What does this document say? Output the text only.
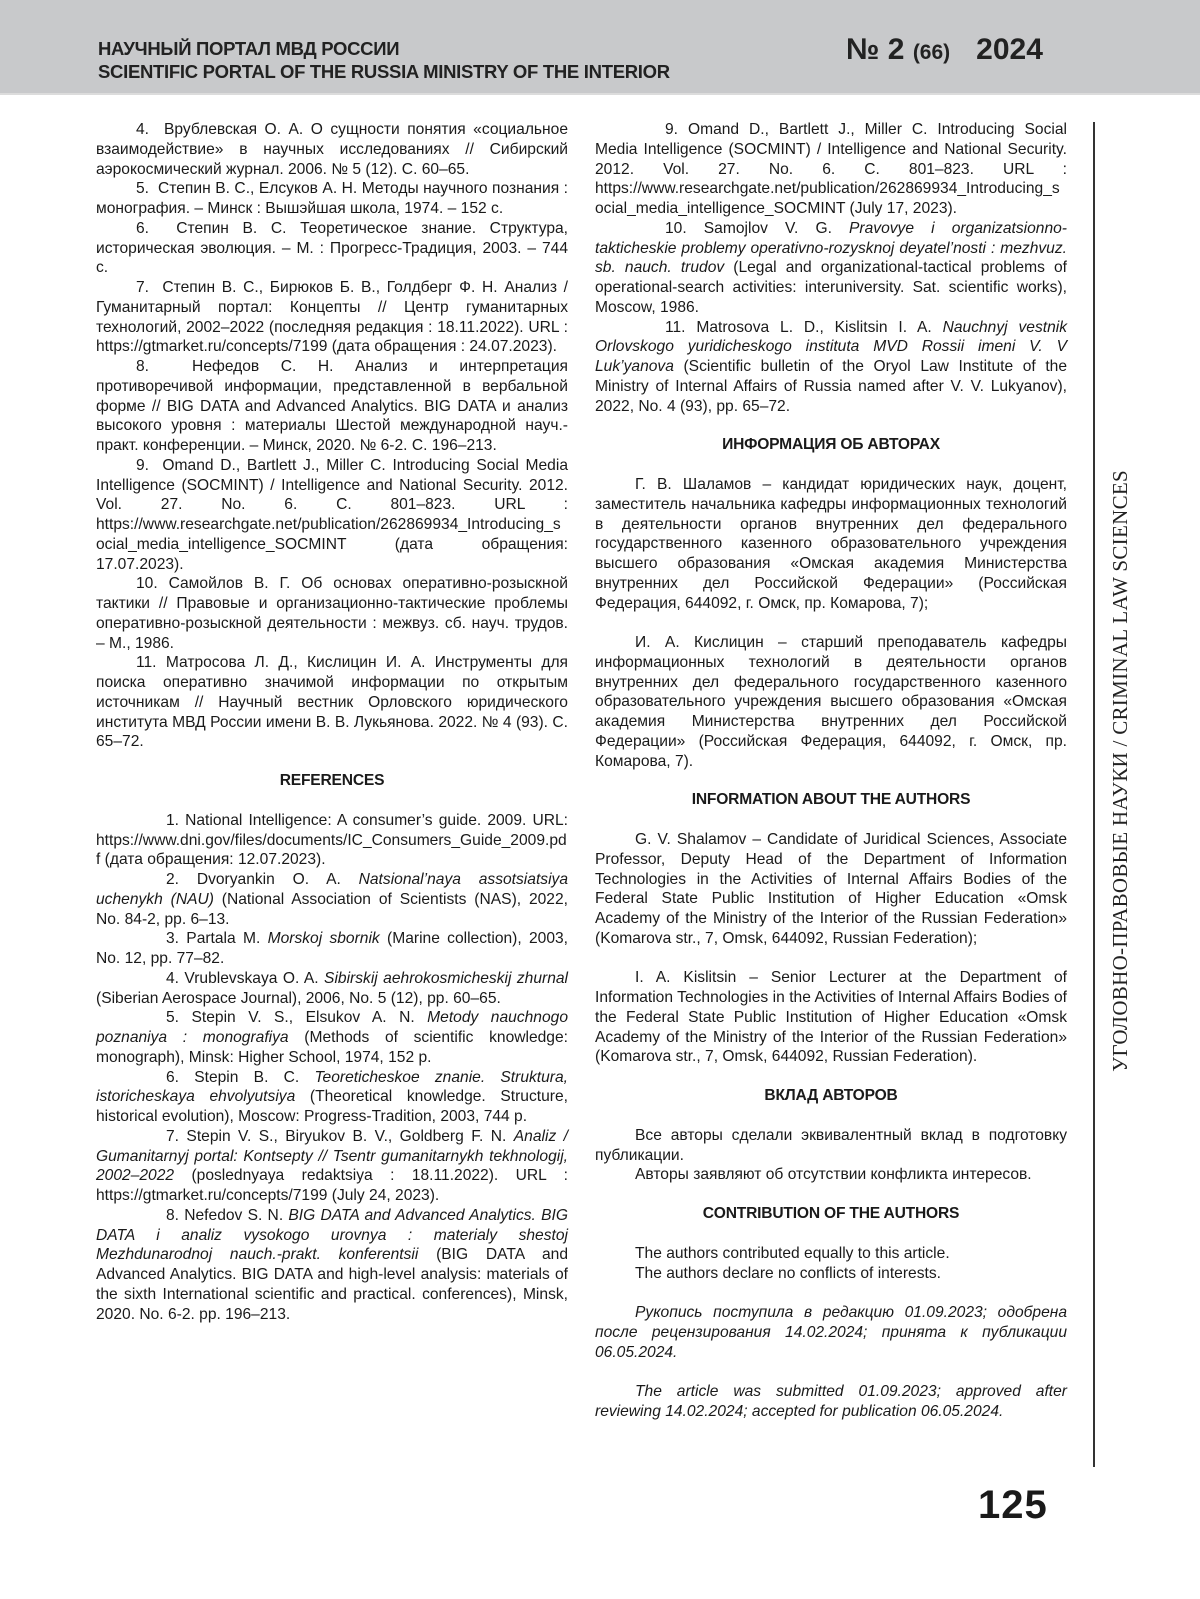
НАУЧНЫЙ ПОРТАЛ МВД РОССИИ
SCIENTIFIC PORTAL OF THE RUSSIA MINISTRY OF THE INTERIOR
№ 2 (66) 2024

4.  Врублевская О. А. О сущности понятия «социальное взаимодействие» в научных исследованиях // Сибирский аэрокосмический журнал. 2006. № 5 (12). С. 60–65.

5.  Степин В. С., Елсуков А. Н. Методы научного познания : монография. – Минск : Вышэйшая школа, 1974. – 152 с.

6.  Степин В. С. Теоретическое знание. Структура, историческая эволюция. – М. : Прогресс-Традиция, 2003. – 744 с.

7.  Степин В. С., Бирюков Б. В., Голдберг Ф. Н. Анализ / Гуманитарный портал: Концепты // Центр гуманитарных технологий, 2002–2022 (последняя редакция : 18.11.2022). URL : https://gtmarket.ru/concepts/7199 (дата обращения : 24.07.2023).

8.  Нефедов С. Н. Анализ и интерпретация противоречивой информации, представленной в вербальной форме // BIG DATA and Advanced Analytics. BIG DATA и анализ высокого уровня : материалы Шестой международной науч.-практ. конференции. – Минск, 2020. № 6-2. С. 196–213.

9.  Omand D., Bartlett J., Miller C. Introducing Social Media Intelligence (SOCMINT) / Intelligence and National Security. 2012. Vol. 27. No. 6. С. 801–823. URL : https://www.researchgate.net/publication/262869934_Introducing_social_media_intelligence_SOCMINT (дата обращения: 17.07.2023).

10. Самойлов В. Г. Об основах оперативно-розыскной тактики // Правовые и организационно-тактические проблемы оперативно-розыскной деятельности : межвуз. сб. науч. трудов. – М., 1986.

11. Матросова Л. Д., Кислицин И. А. Инструменты для поиска оперативно значимой информации по открытым источникам // Научный вестник Орловского юридического института МВД России имени В. В. Лукьянова. 2022. № 4 (93). С. 65–72.

REFERENCES

1. National Intelligence: A consumer’s guide. 2009. URL: https://www.dni.gov/files/documents/IC_Consumers_Guide_2009.pdf (дата обращения: 12.07.2023).

2. Dvoryankin O. A. Natsional’naya assotsiatsiya uchenykh (NAU) (National Association of Scientists (NAS), 2022, No. 84-2, pp. 6–13.

3. Partala M. Morskoj sbornik (Marine collection), 2003, No. 12, pp. 77–82.

4. Vrublevskaya O. A. Sibirskij aehrokosmicheskij zhurnal (Siberian Aerospace Journal), 2006, No. 5 (12), pp. 60–65.

5. Stepin V. S., Elsukov A. N. Metody nauchnogo poznaniya : monografiya (Methods of scientific knowledge: monograph), Minsk: Higher School, 1974, 152 p.

6. Stepin B. C. Teoreticheskoe znanie. Struktura, istoricheskaya ehvolyutsiya (Theoretical knowledge. Structure, historical evolution), Moscow: Progress-Tradition, 2003, 744 p.

7. Stepin V. S., Biryukov B. V., Goldberg F. N. Analiz / Gumanitarnyj portal: Kontsepty // Tsentr gumanitarnykh tekhnologij, 2002–2022 (poslednyaya redaktsiya : 18.11.2022). URL : https://gtmarket.ru/concepts/7199 (July 24, 2023).

8. Nefedov S. N. BIG DATA and Advanced Analytics. BIG DATA i analiz vysokogo urovnya : materialy shestoj Mezhdunarodnoj nauch.-prakt. konferentsii (BIG DATA and Advanced Analytics. BIG DATA and high-level analysis: materials of the sixth International scientific and practical. conferences), Minsk, 2020. No. 6-2. pp. 196–213.

9. Omand D., Bartlett J., Miller C. Introducing Social Media Intelligence (SOCMINT) / Intelligence and National Security. 2012. Vol. 27. No. 6. С. 801–823. URL : https://www.researchgate.net/publication/262869934_Introducing_social_media_intelligence_SOCMINT (July 17, 2023).

10. Samojlov V. G. Pravovye i organizatsionno-takticheskie problemy operativno-rozysknoj deyatel’nosti : mezhvuz. sb. nauch. trudov (Legal and organizational-tactical problems of operational-search activities: interuniversity. Sat. scientific works), Moscow, 1986.

11. Matrosova L. D., Kislitsin I. A. Nauchnyj vestnik Orlovskogo yuridicheskogo instituta MVD Rossii imeni V. V Luk’yanova (Scientific bulletin of the Oryol Law Institute of the Ministry of Internal Affairs of Russia named after V. V. Lukyanov), 2022, No. 4 (93), pp. 65–72.

ИНФОРМАЦИЯ ОБ АВТОРАХ

Г. В. Шаламов – кандидат юридических наук, доцент, заместитель начальника кафедры информационных технологий в деятельности органов внутренних дел федерального государственного казенного образовательного учреждения высшего образования «Омская академия Министерства внутренних дел Российской Федерации» (Российская Федерация, 644092, г. Омск, пр. Комарова, 7);

И. А. Кислицин – старший преподаватель кафедры информационных технологий в деятельности органов внутренних дел федерального государственного казенного образовательного учреждения высшего образования «Омская академия Министерства внутренних дел Российской Федерации» (Российская Федерация, 644092, г. Омск, пр. Комарова, 7).

INFORMATION ABOUT THE AUTHORS

G. V. Shalamov – Candidate of Juridical Sciences, Associate Professor, Deputy Head of the Department of Information Technologies in the Activities of Internal Affairs Bodies of the Federal State Public Institution of Higher Education «Omsk Academy of the Ministry of the Interior of the Russian Federation» (Komarova str., 7, Omsk, 644092, Russian Federation);

I. A. Kislitsin – Senior Lecturer at the Department of Information Technologies in the Activities of Internal Affairs Bodies of the Federal State Public Institution of Higher Education «Omsk Academy of the Ministry of the Interior of the Russian Federation» (Komarova str., 7, Omsk, 644092, Russian Federation).

ВКЛАД АВТОРОВ

Все авторы сделали эквивалентный вклад в подготовку публикации.

Авторы заявляют об отсутствии конфликта интересов.

CONTRIBUTION OF THE AUTHORS

The authors contributed equally to this article.

The authors declare no conflicts of interests.

Рукопись поступила в редакцию 01.09.2023; одобрена после рецензирования 14.02.2024; принята к публикации 06.05.2024.

The article was submitted 01.09.2023; approved after reviewing 14.02.2024; accepted for publication 06.05.2024.

УГОЛОВНО-ПРАВОВЫЕ НАУКИ / CRIMINAL LAW SCIENCES
125
